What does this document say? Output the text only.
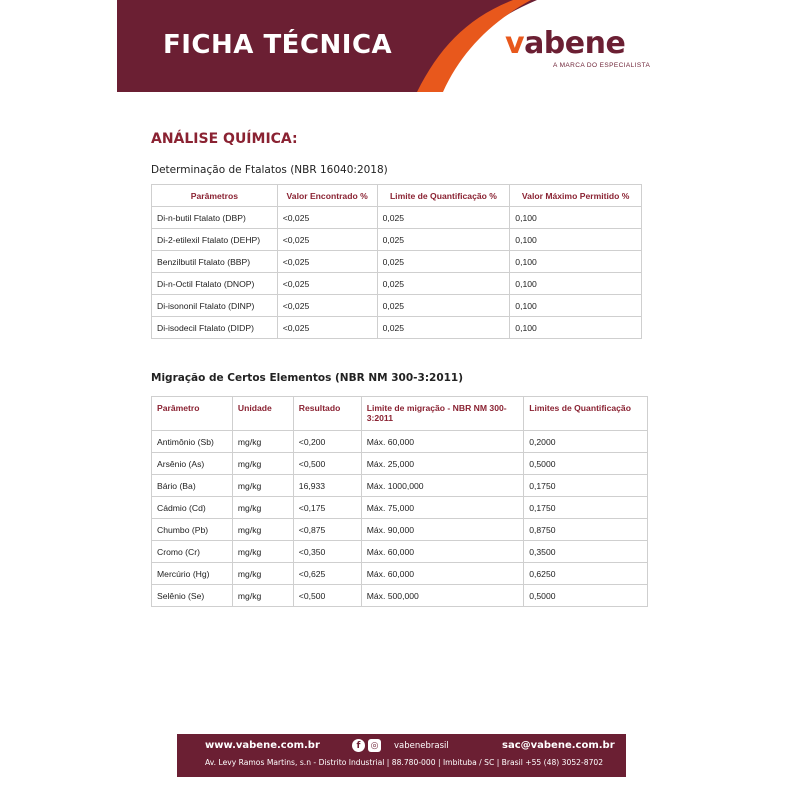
FICHA TÉCNICA	vabene
A MARCA DO ESPECIALISTA
ANÁLISE QUÍMICA:
Determinação de Ftalatos (NBR 16040:2018)
Parâmetros	Valor Encontrado %	Limite de Quantificação %	Valor Máximo Permitido %
Di-n-butil Ftalato (DBP)	<0,025	0,025	0,100
Di-2-etilexil Ftalato (DEHP)	<0,025	0,025	0,100
Benzilbutil Ftalato (BBP)	<0,025	0,025	0,100
Di-n-Octil Ftalato (DNOP)	<0,025	0,025	0,100
Di-isononil Ftalato (DINP)	<0,025	0,025	0,100
Di-isodecil Ftalato (DIDP)	<0,025	0,025	0,100
Migração de Certos Elementos (NBR NM 300-3:2011)
Parâmetro	Unidade	Resultado	Limite de migração - NBR NM 300-3:2011	Limites de Quantificação
Antimônio (Sb)	mg/kg	<0,200	Máx. 60,000	0,2000
Arsênio (As)	mg/kg	<0,500	Máx. 25,000	0,5000
Bário (Ba)	mg/kg	16,933	Máx. 1000,000	0,1750
Cádmio (Cd)	mg/kg	<0,175	Máx. 75,000	0,1750
Chumbo (Pb)	mg/kg	<0,875	Máx. 90,000	0,8750
Cromo (Cr)	mg/kg	<0,350	Máx. 60,000	0,3500
Mercúrio (Hg)	mg/kg	<0,625	Máx. 60,000	0,6250
Selênio (Se)	mg/kg	<0,500	Máx. 500,000	0,5000
www.vabene.com.br	f	◎	vabenebrasil	sac@vabene.com.br
Av. Levy Ramos Martins, s.n - Distrito Industrial | 88.780-000 | Imbituba / SC | Brasil +55 (48) 3052-8702
